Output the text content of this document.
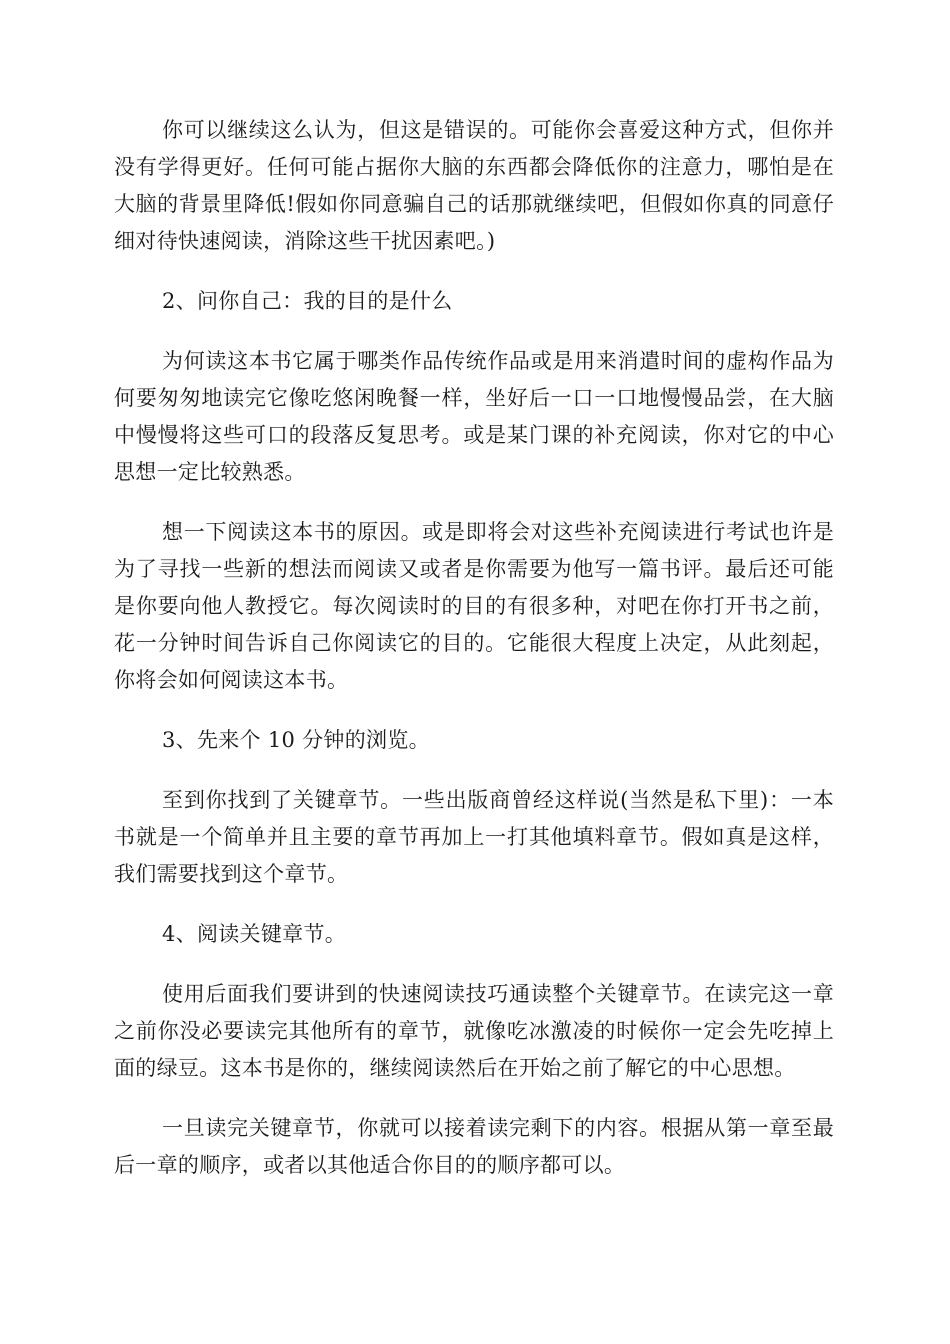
你可以继续这么认为，但这是错误的。可能你会喜爱这种方式，但你并没有学得更好。任何可能占据你大脑的东西都会降低你的注意力，哪怕是在大脑的背景里降低!假如你同意骗自己的话那就继续吧，但假如你真的同意仔细对待快速阅读，消除这些干扰因素吧。)

2、问你自己：我的目的是什么

为何读这本书它属于哪类作品传统作品或是用来消遣时间的虚构作品为何要匆匆地读完它像吃悠闲晚餐一样，坐好后一口一口地慢慢品尝，在大脑中慢慢将这些可口的段落反复思考。或是某门课的补充阅读，你对它的中心思想一定比较熟悉。

想一下阅读这本书的原因。或是即将会对这些补充阅读进行考试也许是为了寻找一些新的想法而阅读又或者是你需要为他写一篇书评。最后还可能是你要向他人教授它。每次阅读时的目的有很多种，对吧在你打开书之前，花一分钟时间告诉自己你阅读它的目的。它能很大程度上决定，从此刻起，你将会如何阅读这本书。

3、先来个 10 分钟的浏览。

至到你找到了关键章节。一些出版商曾经这样说(当然是私下里)：一本书就是一个简单并且主要的章节再加上一打其他填料章节。假如真是这样，我们需要找到这个章节。

4、阅读关键章节。

使用后面我们要讲到的快速阅读技巧通读整个关键章节。在读完这一章之前你没必要读完其他所有的章节，就像吃冰激凌的时候你一定会先吃掉上面的绿豆。这本书是你的，继续阅读然后在开始之前了解它的中心思想。

一旦读完关键章节，你就可以接着读完剩下的内容。根据从第一章至最后一章的顺序，或者以其他适合你目的的顺序都可以。
